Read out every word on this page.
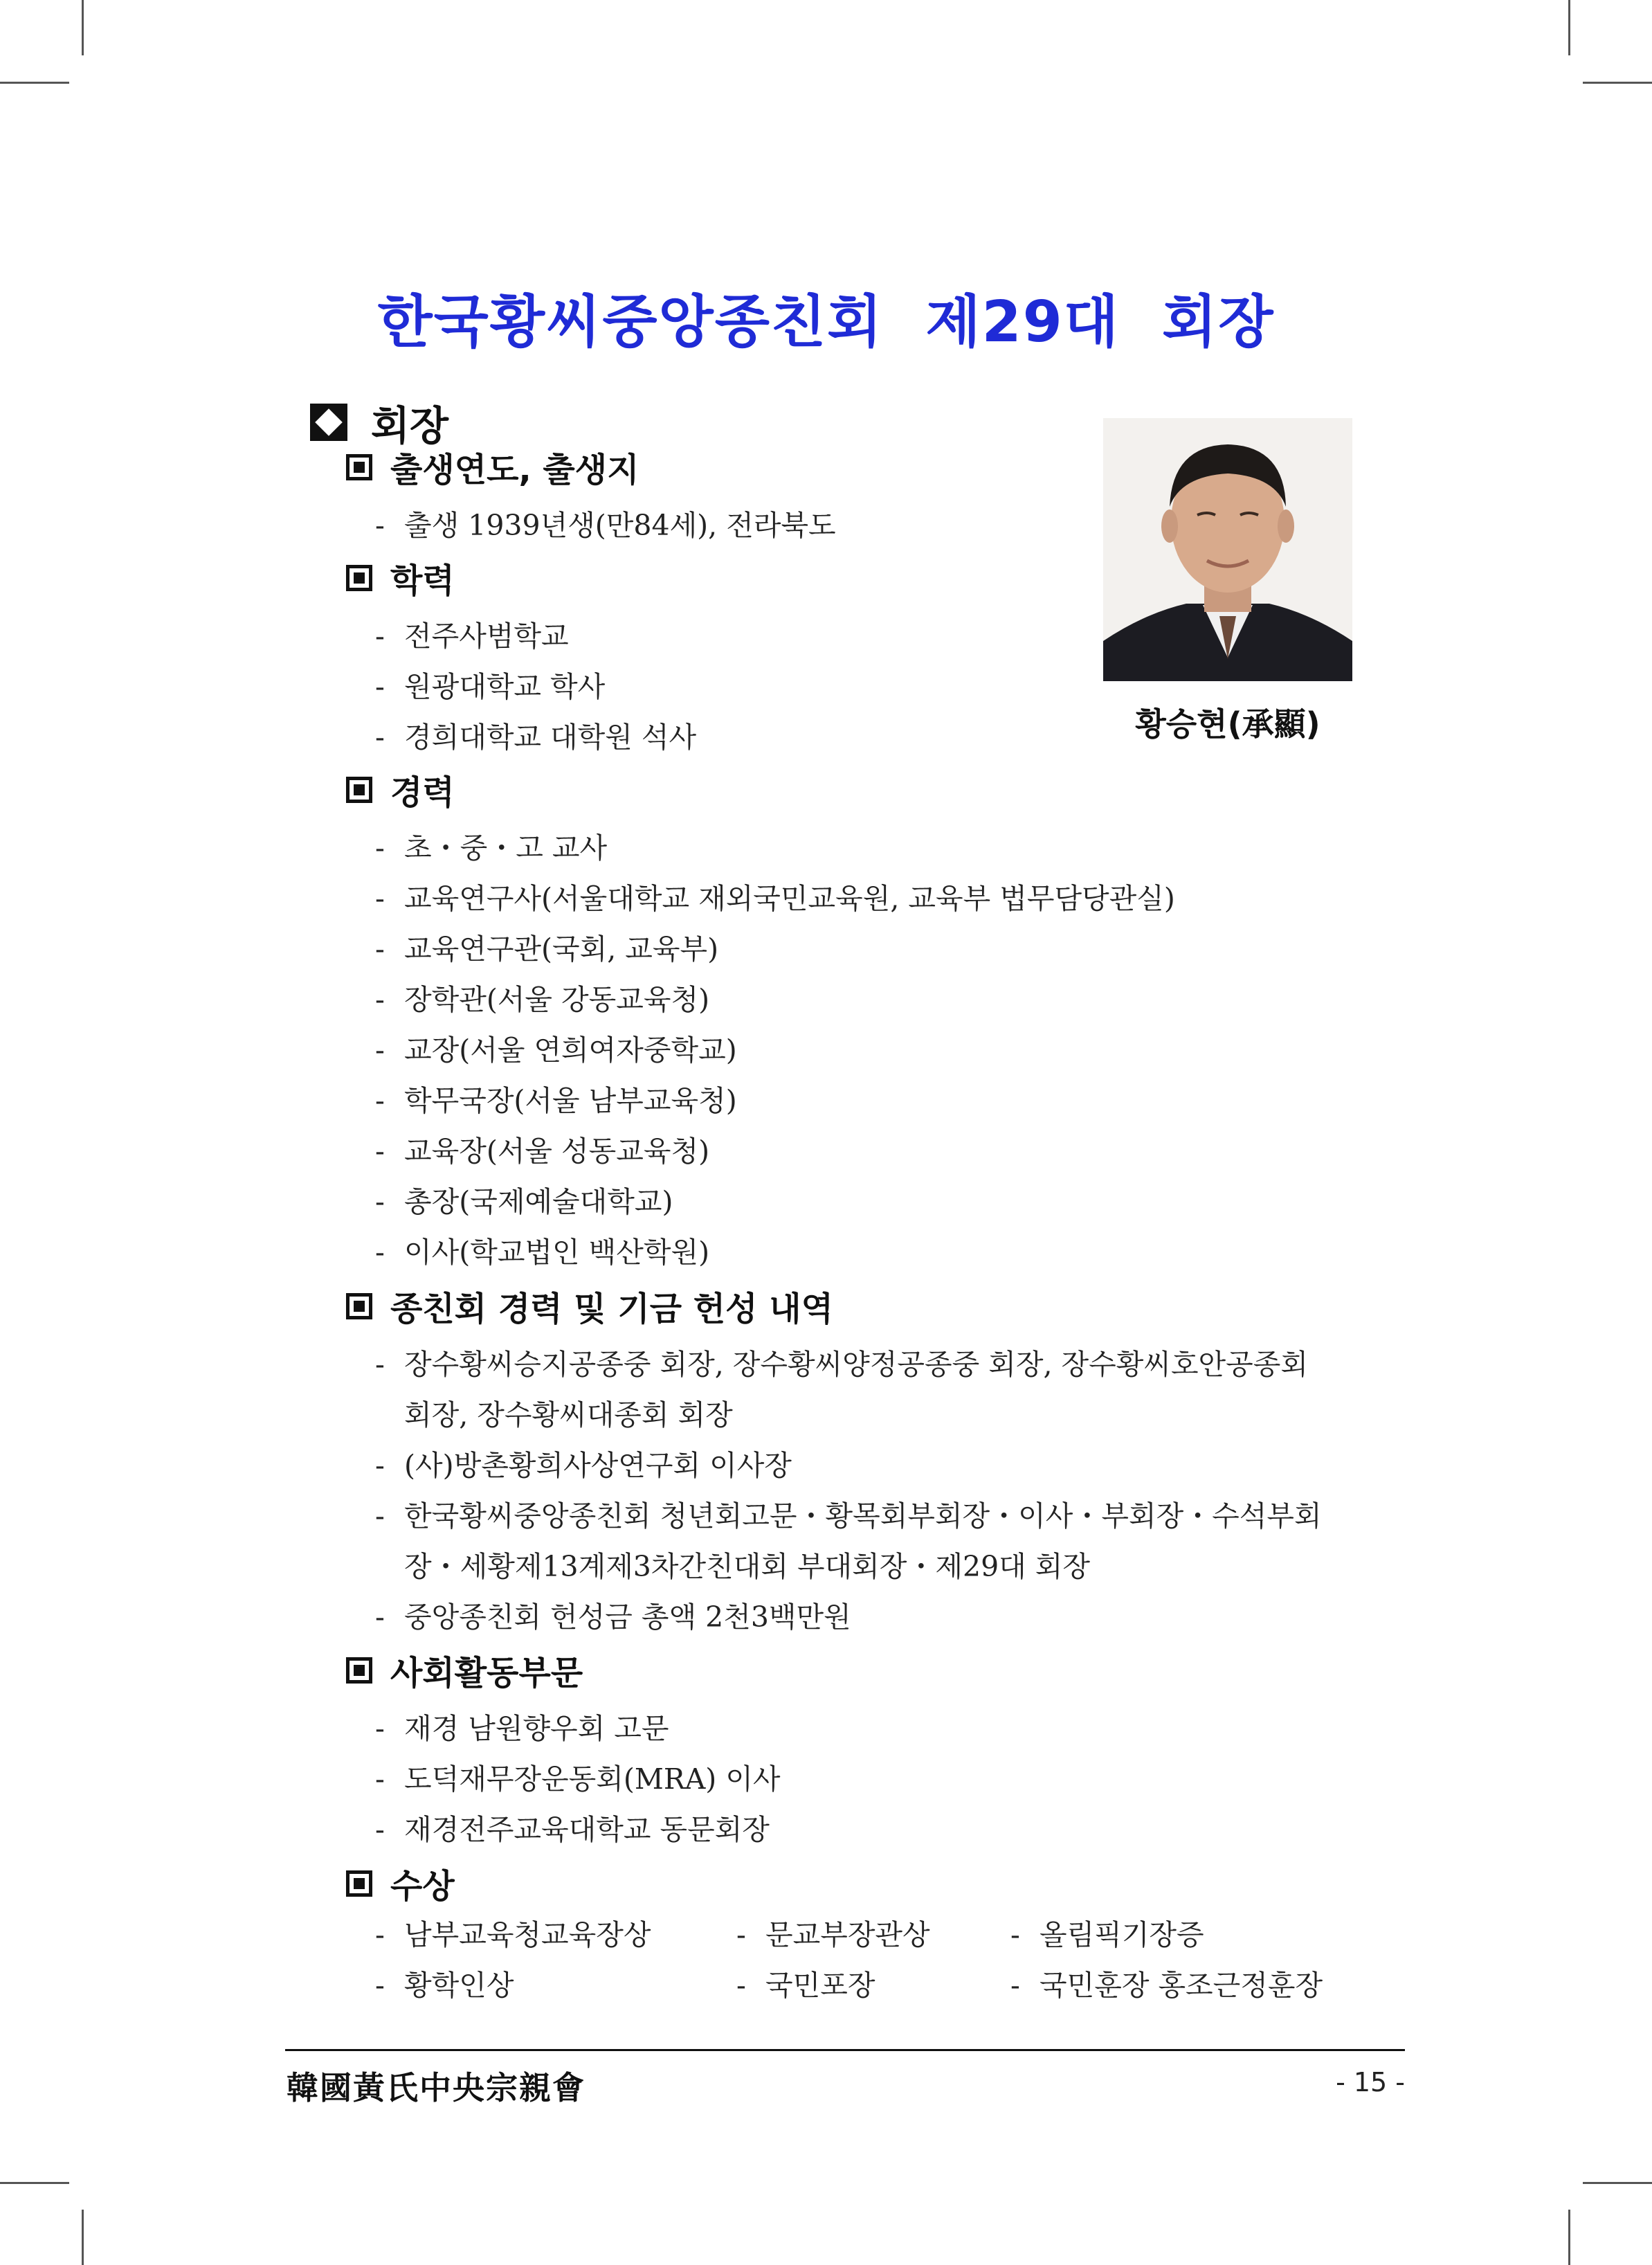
한국황씨중앙종친회  제29대  회장
회장
황승현(承顯)
출생연도, 출생지
- 출생 1939년생(만84세), 전라북도
학력
- 전주사범학교
- 원광대학교 학사
- 경희대학교 대학원 석사
경력
- 초・중・고 교사
- 교육연구사(서울대학교 재외국민교육원, 교육부 법무담당관실)
- 교육연구관(국회, 교육부)
- 장학관(서울 강동교육청)
- 교장(서울 연희여자중학교)
- 학무국장(서울 남부교육청)
- 교육장(서울 성동교육청)
- 총장(국제예술대학교)
- 이사(학교법인 백산학원)
종친회 경력 및 기금 헌성 내역
- 장수황씨승지공종중 회장, 장수황씨양정공종중 회장, 장수황씨호안공종회
회장, 장수황씨대종회 회장
- (사)방촌황희사상연구회 이사장
- 한국황씨중앙종친회 청년회고문・황목회부회장・이사・부회장・수석부회
장・세황제13계제3차간친대회 부대회장・제29대 회장
- 중앙종친회 헌성금 총액 2천3백만원
사회활동부문
- 재경 남원향우회 고문
- 도덕재무장운동회(MRA) 이사
- 재경전주교육대학교 동문회장
수상
- 남부교육청교육장상	- 문교부장관상	- 올림픽기장증
- 황학인상	- 국민포장	- 국민훈장 홍조근정훈장
韓國黃氏中央宗親會	- 15 -
